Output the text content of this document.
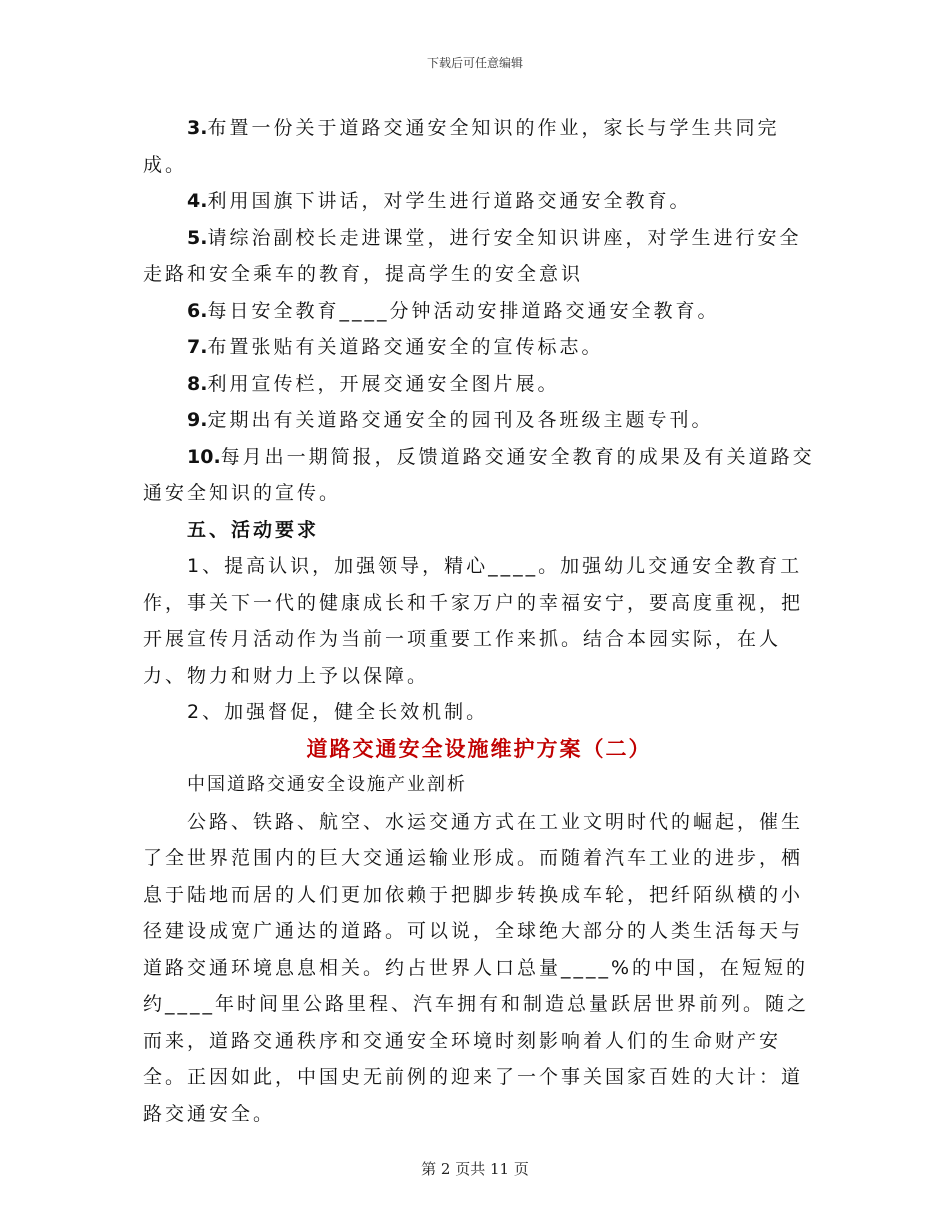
下载后可任意编辑

3.布置一份关于道路交通安全知识的作业，家长与学生共同完成。

4.利用国旗下讲话，对学生进行道路交通安全教育。

5.请综治副校长走进课堂，进行安全知识讲座，对学生进行安全走路和安全乘车的教育，提高学生的安全意识

6.每日安全教育____分钟活动安排道路交通安全教育。

7.布置张贴有关道路交通安全的宣传标志。

8.利用宣传栏，开展交通安全图片展。

9.定期出有关道路交通安全的园刊及各班级主题专刊。

10.每月出一期简报，反馈道路交通安全教育的成果及有关道路交通安全知识的宣传。

五、活动要求

1、提高认识，加强领导，精心____。加强幼儿交通安全教育工作，事关下一代的健康成长和千家万户的幸福安宁，要高度重视，把开展宣传月活动作为当前一项重要工作来抓。结合本园实际，在人力、物力和财力上予以保障。

2、加强督促，健全长效机制。

道路交通安全设施维护方案（二）

中国道路交通安全设施产业剖析

公路、铁路、航空、水运交通方式在工业文明时代的崛起，催生了全世界范围内的巨大交通运输业形成。而随着汽车工业的进步，栖息于陆地而居的人们更加依赖于把脚步转换成车轮，把纤陌纵横的小径建设成宽广通达的道路。可以说，全球绝大部分的人类生活每天与道路交通环境息息相关。约占世界人口总量____%的中国，在短短的约____年时间里公路里程、汽车拥有和制造总量跃居世界前列。随之而来，道路交通秩序和交通安全环境时刻影响着人们的生命财产安全。正因如此，中国史无前例的迎来了一个事关国家百姓的大计：道路交通安全。

第 2 页共 11 页
